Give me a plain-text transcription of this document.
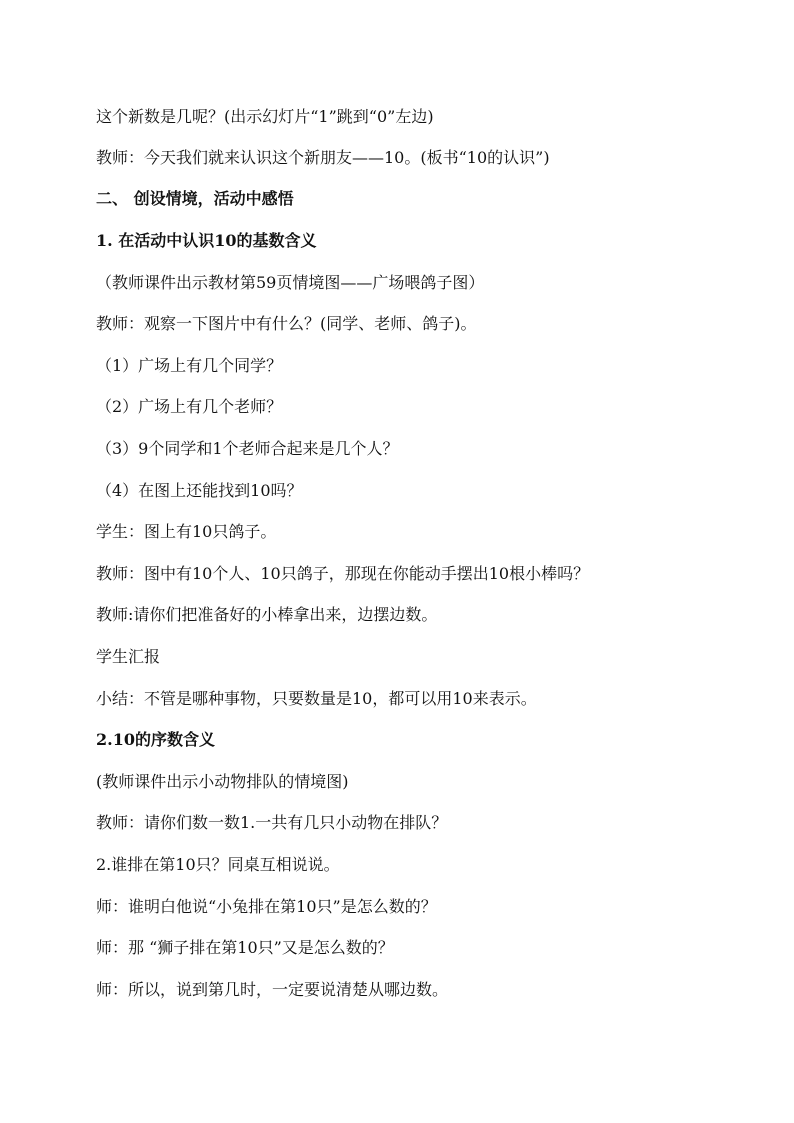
这个新数是几呢？(出示幻灯片“1”跳到“0”左边)
教师：今天我们就来认识这个新朋友——10。(板书“10的认识”)
二、 创设情境，活动中感悟
1. 在活动中认识10的基数含义
（教师课件出示教材第59页情境图——广场喂鸽子图）
教师：观察一下图片中有什么？(同学、老师、鸽子)。
（1）广场上有几个同学？
（2）广场上有几个老师？
（3）9个同学和1个老师合起来是几个人？
（4）在图上还能找到10吗？
学生：图上有10只鸽子。
教师：图中有10个人、10只鸽子，那现在你能动手摆出10根小棒吗？
教师:请你们把准备好的小棒拿出来，边摆边数。
学生汇报
小结：不管是哪种事物，只要数量是10，都可以用10来表示。
2.10的序数含义
(教师课件出示小动物排队的情境图)
教师：请你们数一数1.一共有几只小动物在排队？
2.谁排在第10只？同桌互相说说。
师：谁明白他说“小兔排在第10只”是怎么数的？
师：那 “狮子排在第10只”又是怎么数的？
师：所以，说到第几时，一定要说清楚从哪边数。
